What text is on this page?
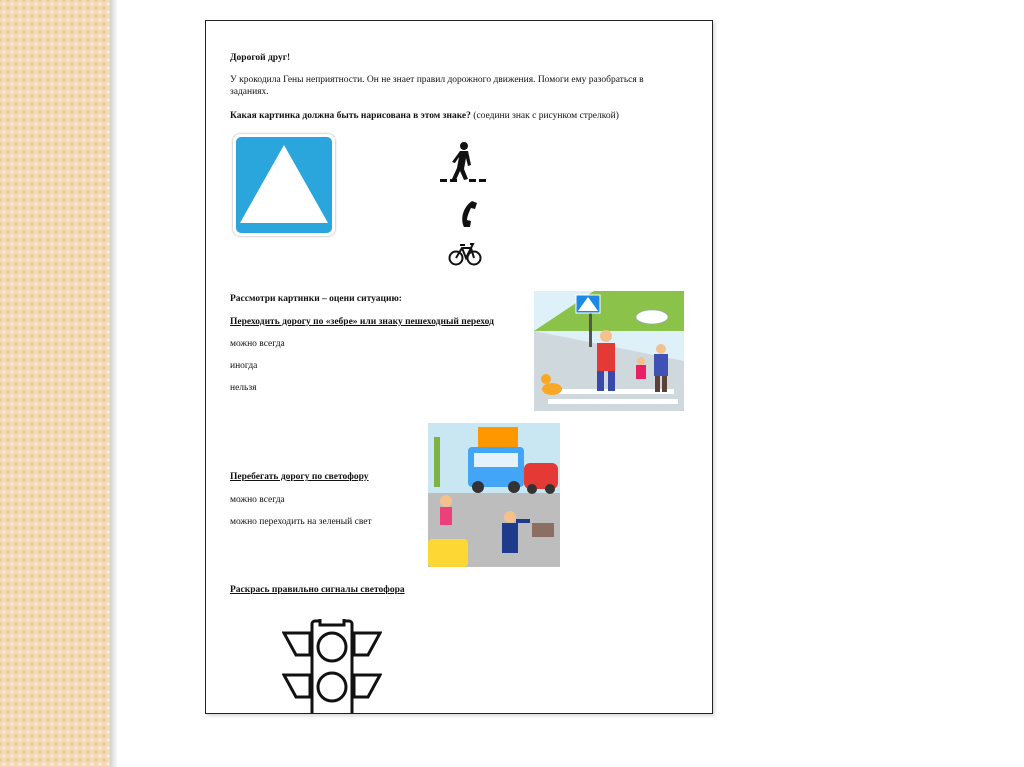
Дорогой друг!
У крокодила Гены неприятности. Он не знает правил дорожного движения. Помоги ему разобраться в заданиях.
Какая картинка должна быть нарисована в этом знаке? (соедини знак с рисунком стрелкой)
Рассмотри картинки – оцени ситуацию:
Переходить дорогу по «зебре» или знаку пешеходный переход
можно всегда
иногда
нельзя
Перебегать дорогу по светофору
можно всегда
можно переходить на зеленый свет
Раскрась правильно сигналы светофора
